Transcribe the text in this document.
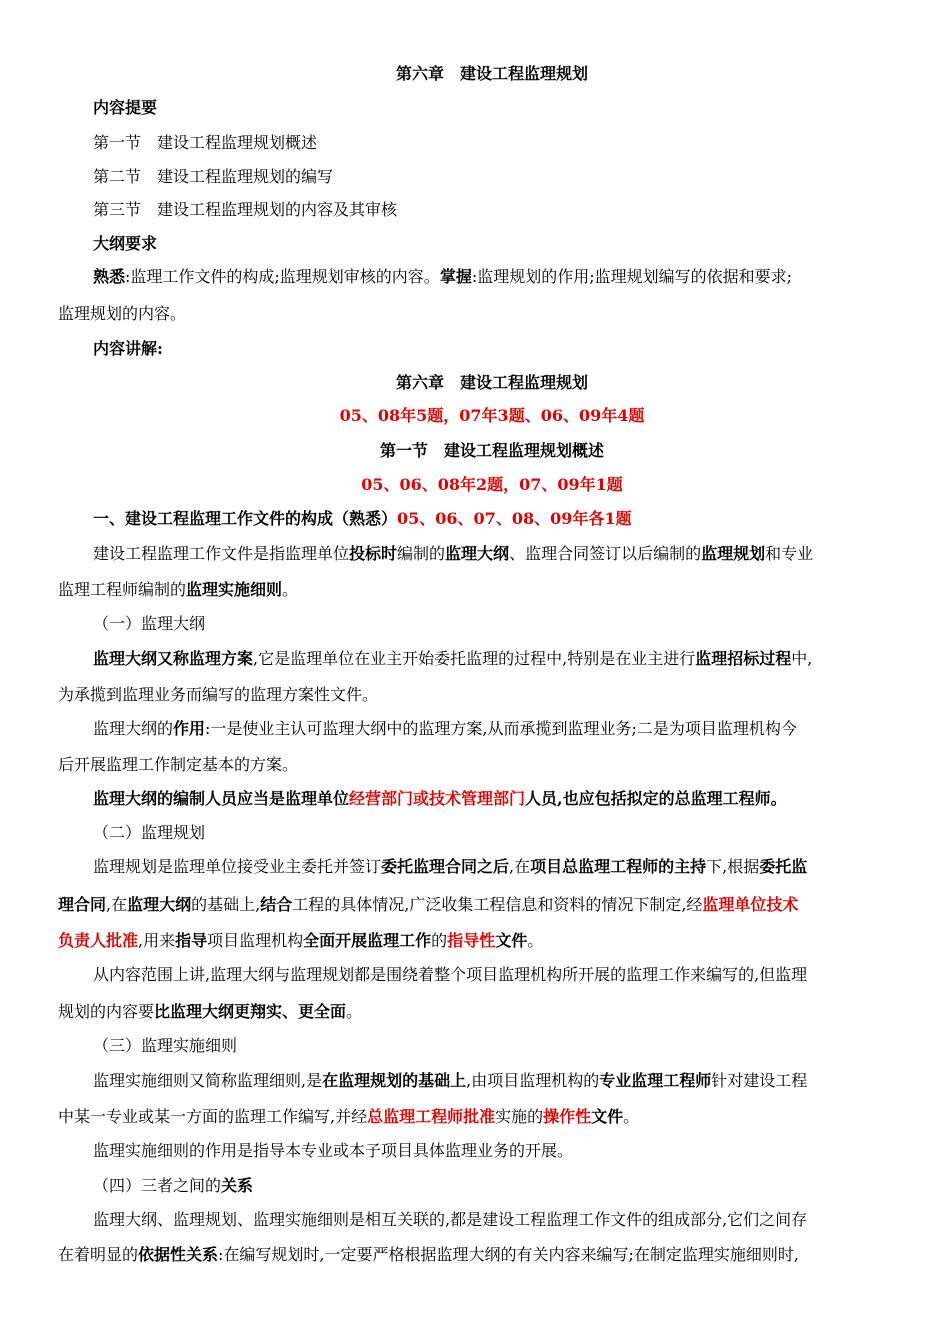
第六章　建设工程监理规划
内容提要
第一节　建设工程监理规划概述
第二节　建设工程监理规划的编写
第三节　建设工程监理规划的内容及其审核
大纲要求
熟悉:监理工作文件的构成;监理规划审核的内容。掌握:监理规划的作用;监理规划编写的依据和要求;
监理规划的内容。
内容讲解:
第六章　建设工程监理规划
05、08年5题，07年3题、06、09年4题
第一节　建设工程监理规划概述
05、06、08年2题，07、09年1题
一、建设工程监理工作文件的构成（熟悉）05、06、07、08、09年各1题
建设工程监理工作文件是指监理单位投标时编制的监理大纲、监理合同签订以后编制的监理规划和专业
监理工程师编制的监理实施细则。
（一）监理大纲
监理大纲又称监理方案,它是监理单位在业主开始委托监理的过程中,特别是在业主进行监理招标过程中,
为承揽到监理业务而编写的监理方案性文件。
监理大纲的作用:一是使业主认可监理大纲中的监理方案,从而承揽到监理业务;二是为项目监理机构今
后开展监理工作制定基本的方案。
监理大纲的编制人员应当是监理单位经营部门或技术管理部门人员,也应包括拟定的总监理工程师。
（二）监理规划
监理规划是监理单位接受业主委托并签订委托监理合同之后,在项目总监理工程师的主持下,根据委托监
理合同,在监理大纲的基础上,结合工程的具体情况,广泛收集工程信息和资料的情况下制定,经监理单位技术
负责人批准,用来指导项目监理机构全面开展监理工作的指导性文件。
从内容范围上讲,监理大纲与监理规划都是围绕着整个项目监理机构所开展的监理工作来编写的,但监理
规划的内容要比监理大纲更翔实、更全面。
（三）监理实施细则
监理实施细则又简称监理细则,是在监理规划的基础上,由项目监理机构的专业监理工程师针对建设工程
中某一专业或某一方面的监理工作编写,并经总监理工程师批准实施的操作性文件。
监理实施细则的作用是指导本专业或本子项目具体监理业务的开展。
（四）三者之间的关系
监理大纲、监理规划、监理实施细则是相互关联的,都是建设工程监理工作文件的组成部分,它们之间存
在着明显的依据性关系:在编写规划时,一定要严格根据监理大纲的有关内容来编写;在制定监理实施细则时,
